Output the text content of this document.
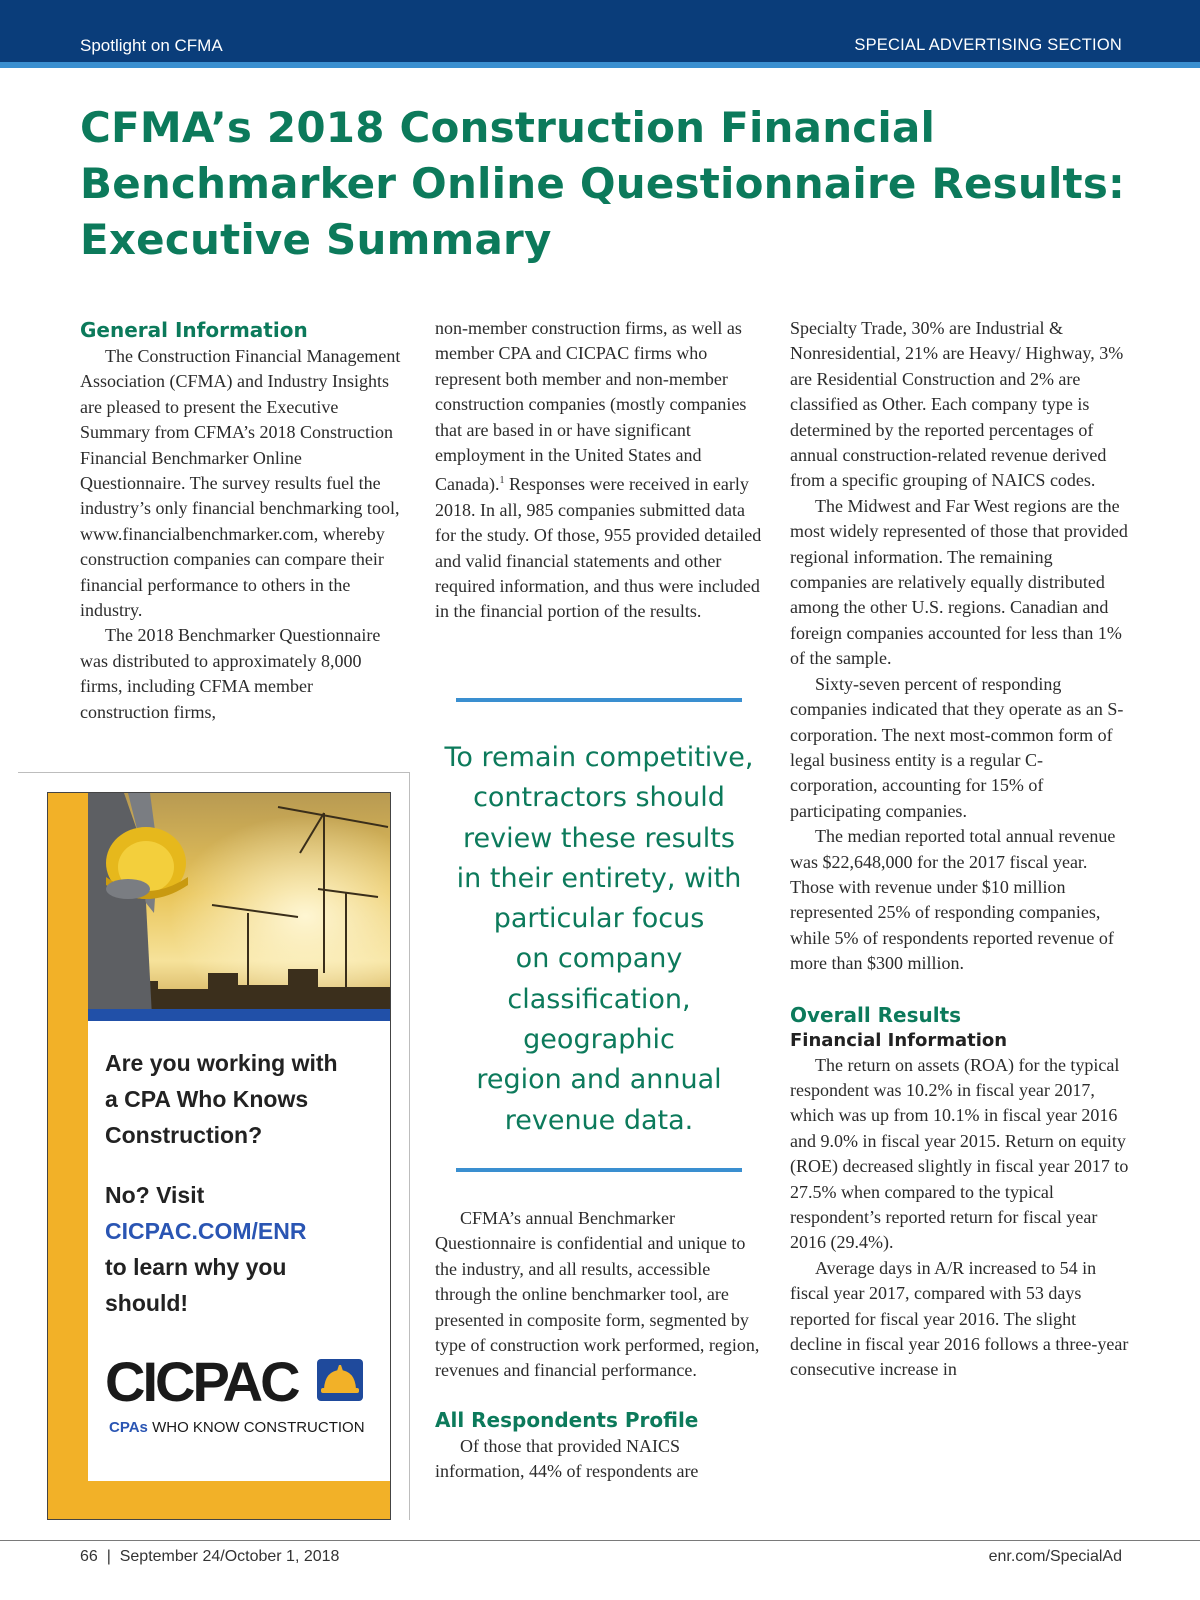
Spotlight on CFMA	SPECIAL ADVERTISING SECTION
CFMA’s 2018 Construction Financial
Benchmarker Online Questionnaire Results:
Executive Summary
General Information

The Construction Financial Management Association (CFMA) and Industry Insights are pleased to present the Executive Summary from CFMA’s 2018 Construction Financial Benchmarker Online Questionnaire. The survey results fuel the industry’s only financial benchmarking tool, www.financialbenchmarker.com, whereby construction companies can compare their financial performance to others in the industry.

The 2018 Benchmarker Questionnaire was distributed to approximately 8,000 firms, including CFMA member construction firms,

non-member construction firms, as well as member CPA and CICPAC firms who represent both member and non-member construction companies (mostly companies that are based in or have significant employment in the United States and Canada).$^1$ Responses were received in early 2018. In all, 985 companies submitted data for the study. Of those, 955 provided detailed and valid financial statements and other required information, and thus were included in the financial portion of the results.

To remain competitive,
contractors should
review these results
in their entirety, with
particular focus
on company
classification,
geographic
region and annual
revenue data.

CFMA’s annual Benchmarker Questionnaire is confidential and unique to the industry, and all results, accessible through the online benchmarker tool, are presented in composite form, segmented by type of construction work performed, region, revenues and financial performance.

All Respondents Profile

Of those that provided NAICS information, 44% of respondents are

Specialty Trade, 30% are Industrial & Nonresidential, 21% are Heavy/ Highway, 3% are Residential Construction and 2% are classified as Other. Each company type is determined by the reported percentages of annual construction-related revenue derived from a specific grouping of NAICS codes.

The Midwest and Far West regions are the most widely represented of those that provided regional information. The remaining companies are relatively equally distributed among the other U.S. regions. Canadian and foreign companies accounted for less than 1% of the sample.

Sixty-seven percent of responding companies indicated that they operate as an S-corporation. The next most-common form of legal business entity is a regular C-corporation, accounting for 15% of participating companies.

The median reported total annual revenue was $22,648,000 for the 2017 fiscal year. Those with revenue under $10 million represented 25% of responding companies, while 5% of respondents reported revenue of more than $300 million.

Overall Results
Financial Information

The return on assets (ROA) for the typical respondent was 10.2% in fiscal year 2017, which was up from 10.1% in fiscal year 2016 and 9.0% in fiscal year 2015. Return on equity (ROE) decreased slightly in fiscal year 2017 to 27.5% when compared to the typical respondent’s reported return for fiscal year 2016 (29.4%).

Average days in A/R increased to 54 in fiscal year 2017, compared with 53 days reported for fiscal year 2016. The slight decline in fiscal year 2016 follows a three-year consecutive increase in

Are you working with
a CPA Who Knows
Construction?
No? Visit
CICPAC.COM/ENR
to learn why you
should!
CICPAC
CPAs WHO KNOW CONSTRUCTION
66  |  September 24/October 1, 2018	enr.com/SpecialAd
